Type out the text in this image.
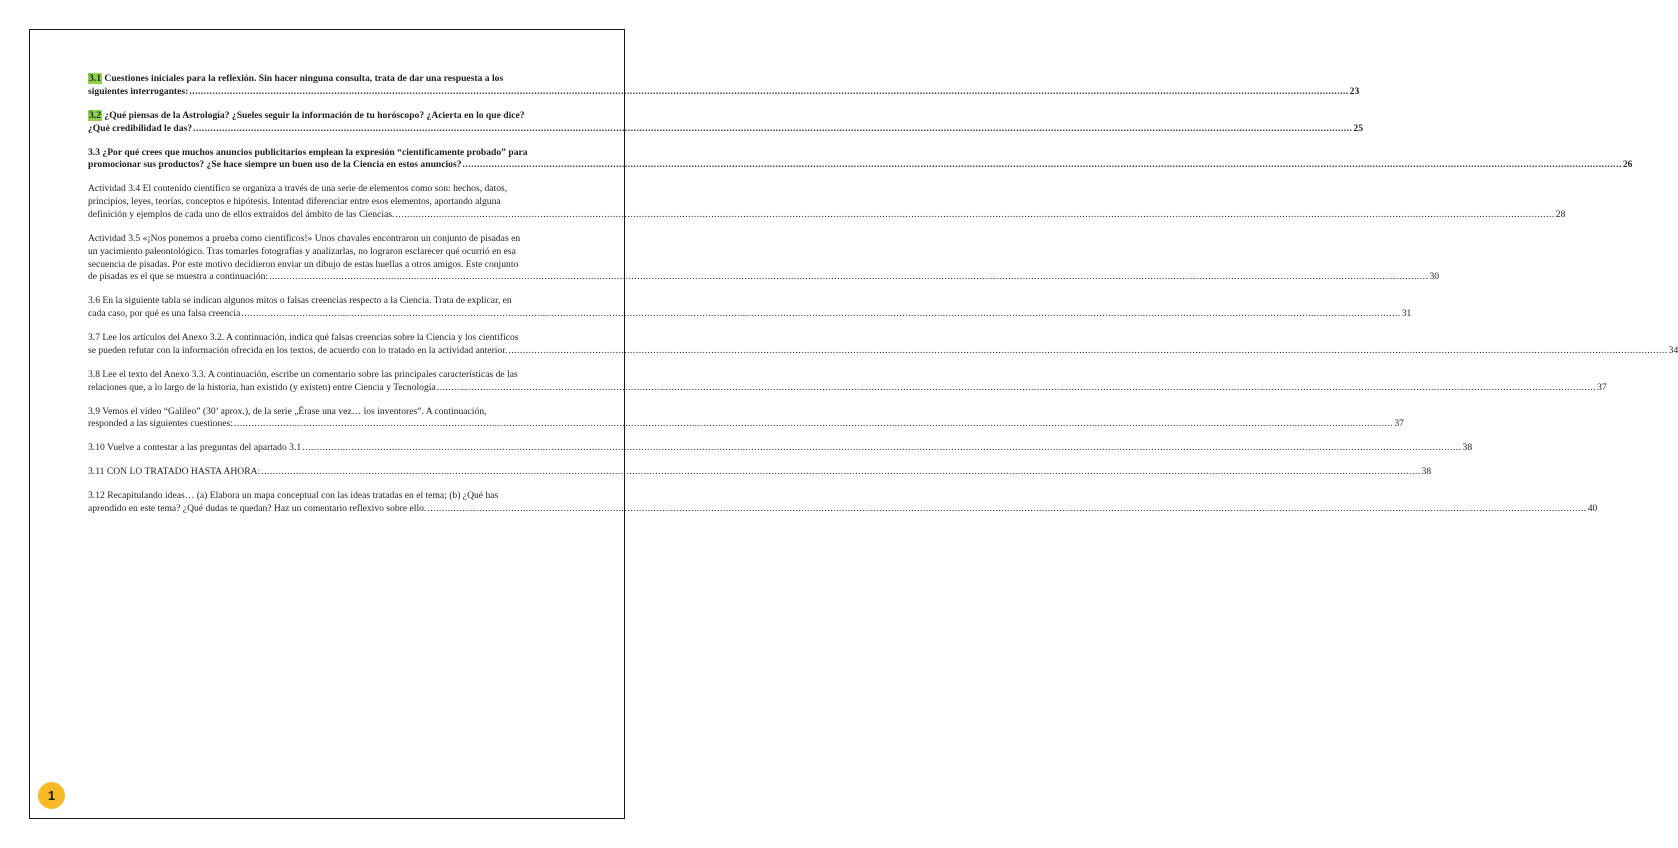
3.1 Cuestiones iniciales para la reflexión. Sin hacer ninguna consulta, trata de dar una respuesta a los
siguientes interrogantes: ................................................................................................................................................................................................................................................................................................................................................................................................................ 23
3.2 ¿Qué piensas de la Astrología? ¿Sueles seguir la información de tu horóscopo? ¿Acierta en lo que dice?
¿Qué credibilidad le das? ................................................................................................................................................................................................................................................................................................................................................................................................................ 25
3.3 ¿Por qué crees que muchos anuncios publicitarios emplean la expresión “científicamente probado” para
promocionar sus productos? ¿Se hace siempre un buen uso de la Ciencia en estos anuncios? ................................................................................................................................................................................................................................................................................................................................................................................................................ 26
Actividad 3.4 El contenido científico se organiza a través de una serie de elementos como son: hechos, datos,
principios, leyes, teorías, conceptos e hipótesis. Intentad diferenciar entre esos elementos, aportando alguna
definición y ejemplos de cada uno de ellos extraídos del ámbito de las Ciencias. ................................................................................................................................................................................................................................................................................................................................................................................................................ 28
Actividad 3.5 «¡Nos ponemos a prueba como científicos!» Unos chavales encontraron un conjunto de pisadas en
un yacimiento paleontológico. Tras tomarles fotografías y analizarlas, no lograron esclarecer qué ocurrió en esa
secuencia de pisadas. Por este motivo decidieron enviar un dibujo de estas huellas a otros amigos. Este conjunto
de pisadas es el que se muestra a continuación: ................................................................................................................................................................................................................................................................................................................................................................................................................ 30
3.6 En la siguiente tabla se indican algunos mitos o falsas creencias respecto a la Ciencia. Trata de explicar, en
cada caso, por qué es una falsa creencia ................................................................................................................................................................................................................................................................................................................................................................................................................ 31
3.7 Lee los artículos del Anexo 3.2. A continuación, indica qué falsas creencias sobre la Ciencia y los científicos
se pueden refutar con la información ofrecida en los textos, de acuerdo con lo tratado en la actividad anterior. ................................................................................................................................................................................................................................................................................................................................................................................................................ 34
3.8 Lee el texto del Anexo 3.3. A continuación, escribe un comentario sobre las principales características de las
relaciones que, a lo largo de la historia, han existido (y existen) entre Ciencia y Tecnología ................................................................................................................................................................................................................................................................................................................................................................................................................ 37
3.9 Vemos el vídeo “Galileo” (30’ aprox.), de la serie „Érase una vez… los inventores”. A continuación,
responded a las siguientes cuestiones: ................................................................................................................................................................................................................................................................................................................................................................................................................ 37
3.10 Vuelve a contestar a las preguntas del apartado 3.1 ................................................................................................................................................................................................................................................................................................................................................................................................................ 38
3.11 CON LO TRATADO HASTA AHORA: ................................................................................................................................................................................................................................................................................................................................................................................................................ 38
3.12 Recapitulando ideas… (a) Elabora un mapa conceptual con las ideas tratadas en el tema; (b) ¿Qué has
aprendido en este tema? ¿Qué dudas te quedan? Haz un comentario reflexivo sobre ello. ................................................................................................................................................................................................................................................................................................................................................................................................................ 40
1
